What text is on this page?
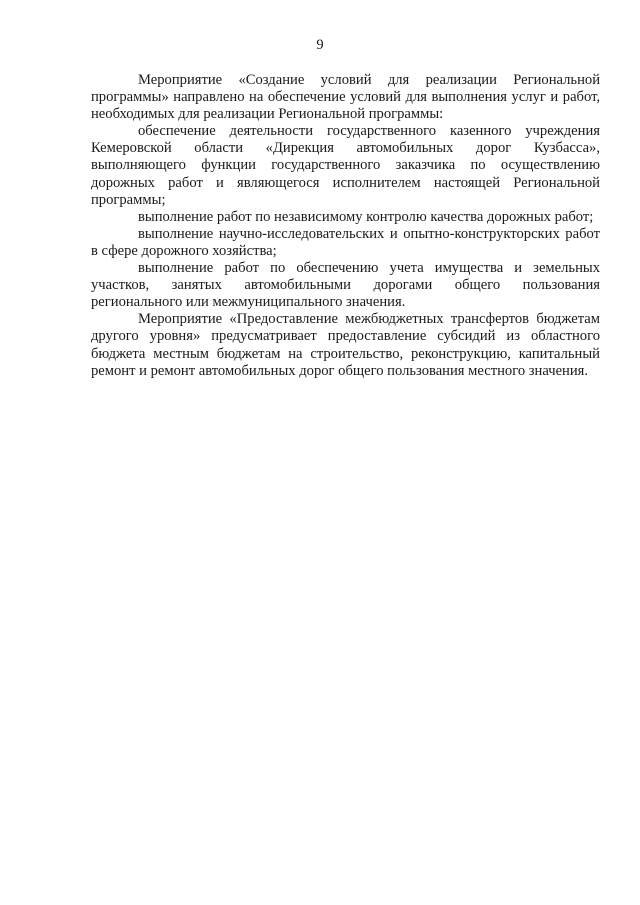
9

Мероприятие «Создание условий для реализации Региональной программы» направлено на обеспечение условий для выполнения услуг и работ, необходимых для реализации Региональной программы:

обеспечение деятельности государственного казенного учреждения Кемеровской области «Дирекция автомобильных дорог Кузбасса», выполняющего функции государственного заказчика по осуществлению дорожных работ и являющегося исполнителем настоящей Региональной программы;

выполнение работ по независимому контролю качества дорожных работ;

выполнение научно-исследовательских и опытно-конструкторских работ в сфере дорожного хозяйства;

выполнение работ по обеспечению учета имущества и земельных участков, занятых автомобильными дорогами общего пользования регионального или межмуниципального значения.

Мероприятие «Предоставление межбюджетных трансфертов бюджетам другого уровня» предусматривает предоставление субсидий из областного бюджета местным бюджетам на строительство, реконструкцию, капитальный ремонт и ремонт автомобильных дорог общего пользования местного значения.
